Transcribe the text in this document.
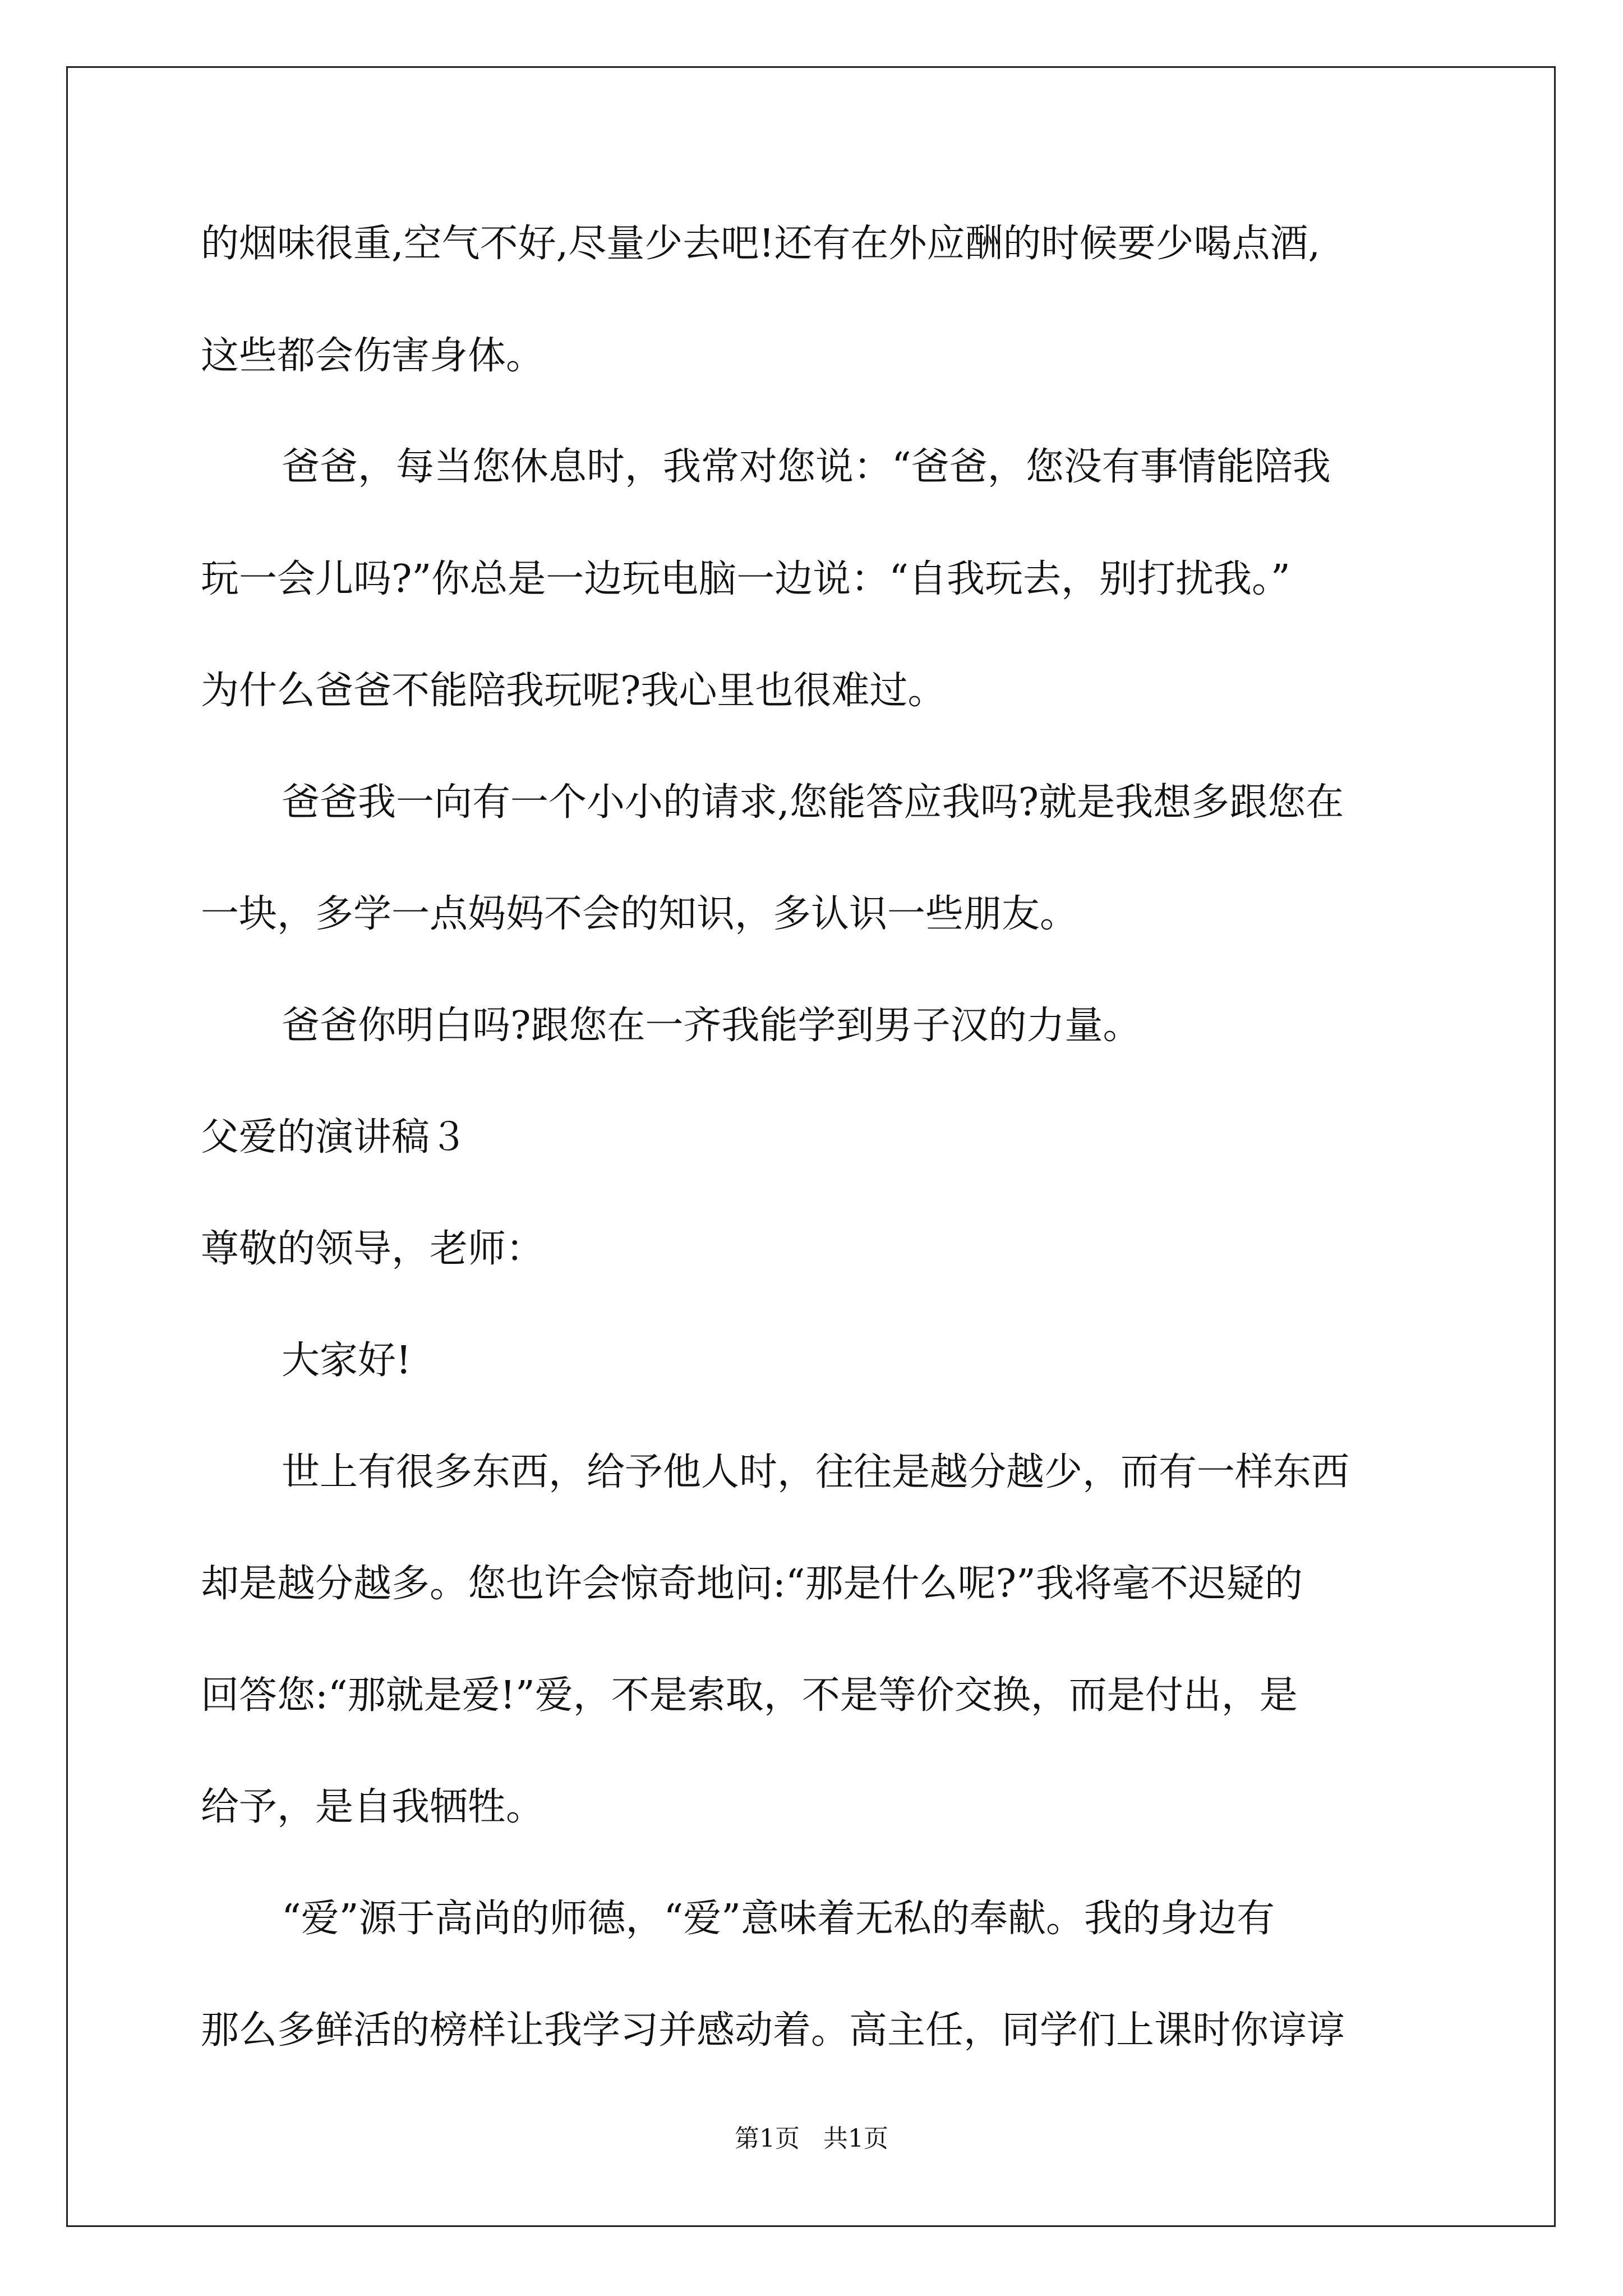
的烟味很重,空气不好,尽量少去吧!还有在外应酬的时候要少喝点酒,
这些都会伤害身体。
爸爸，每当您休息时，我常对您说：“爸爸，您没有事情能陪我
玩一会儿吗?”你总是一边玩电脑一边说：“自我玩去，别打扰我。”
为什么爸爸不能陪我玩呢?我心里也很难过。
爸爸我一向有一个小小的请求,您能答应我吗?就是我想多跟您在
一块，多学一点妈妈不会的知识，多认识一些朋友。
爸爸你明白吗?跟您在一齐我能学到男子汉的力量。
父爱的演讲稿３
尊敬的领导，老师：
大家好!
世上有很多东西，给予他人时，往往是越分越少，而有一样东西
却是越分越多。您也许会惊奇地问:“那是什么呢?”我将毫不迟疑的
回答您:“那就是爱!”爱，不是索取，不是等价交换，而是付出，是
给予，是自我牺牲。
“爱”源于高尚的师德，“爱”意味着无私的奉献。我的身边有
那么多鲜活的榜样让我学习并感动着。高主任，同学们上课时你谆谆
第1页   共1页
